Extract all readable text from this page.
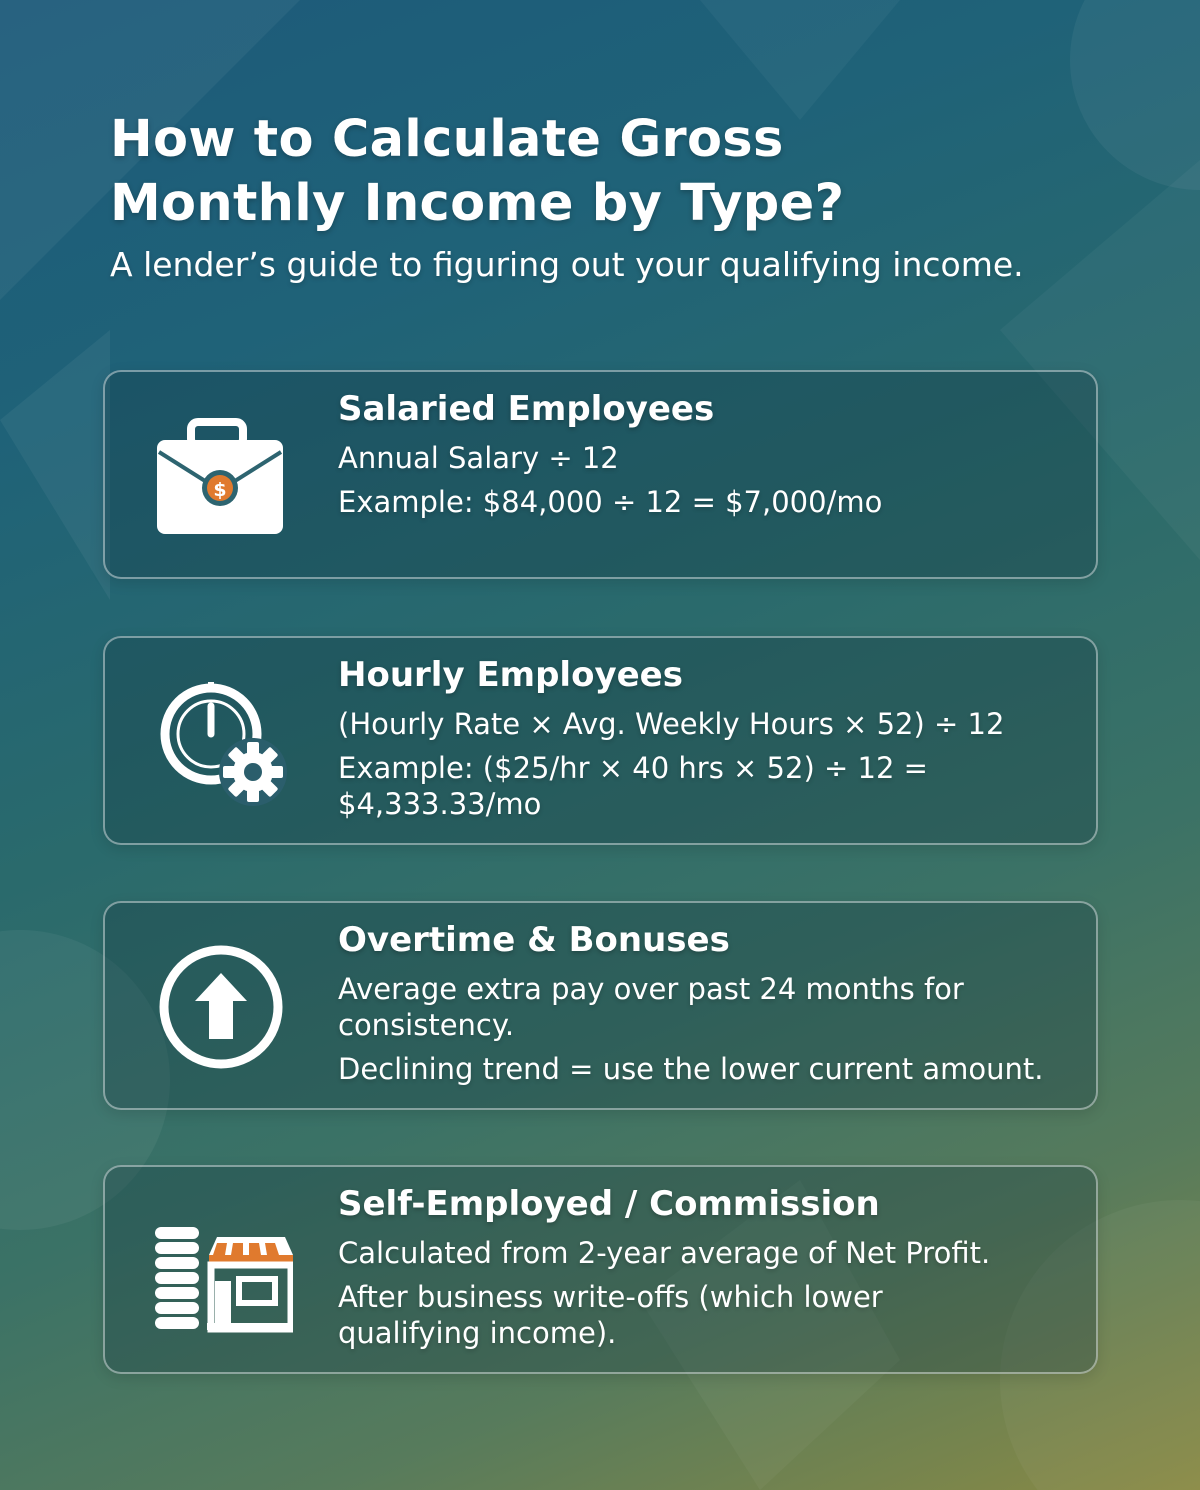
How to Calculate Gross
Monthly Income by Type?
A lender’s guide to figuring out your qualifying income.
$
Salaried Employees
Annual Salary ÷ 12
Example: $84,000 ÷ 12 = $7,000/mo
Hourly Employees
(Hourly Rate × Avg. Weekly Hours × 52) ÷ 12
Example: ($25/hr × 40 hrs × 52) ÷ 12 = $4,333.33/mo
Overtime & Bonuses
Average extra pay over past 24 months for
consistency.
Declining trend = use the lower current amount.
Self-Employed / Commission
Calculated from 2-year average of Net Profit.
After business write-offs (which lower
qualifying income).
